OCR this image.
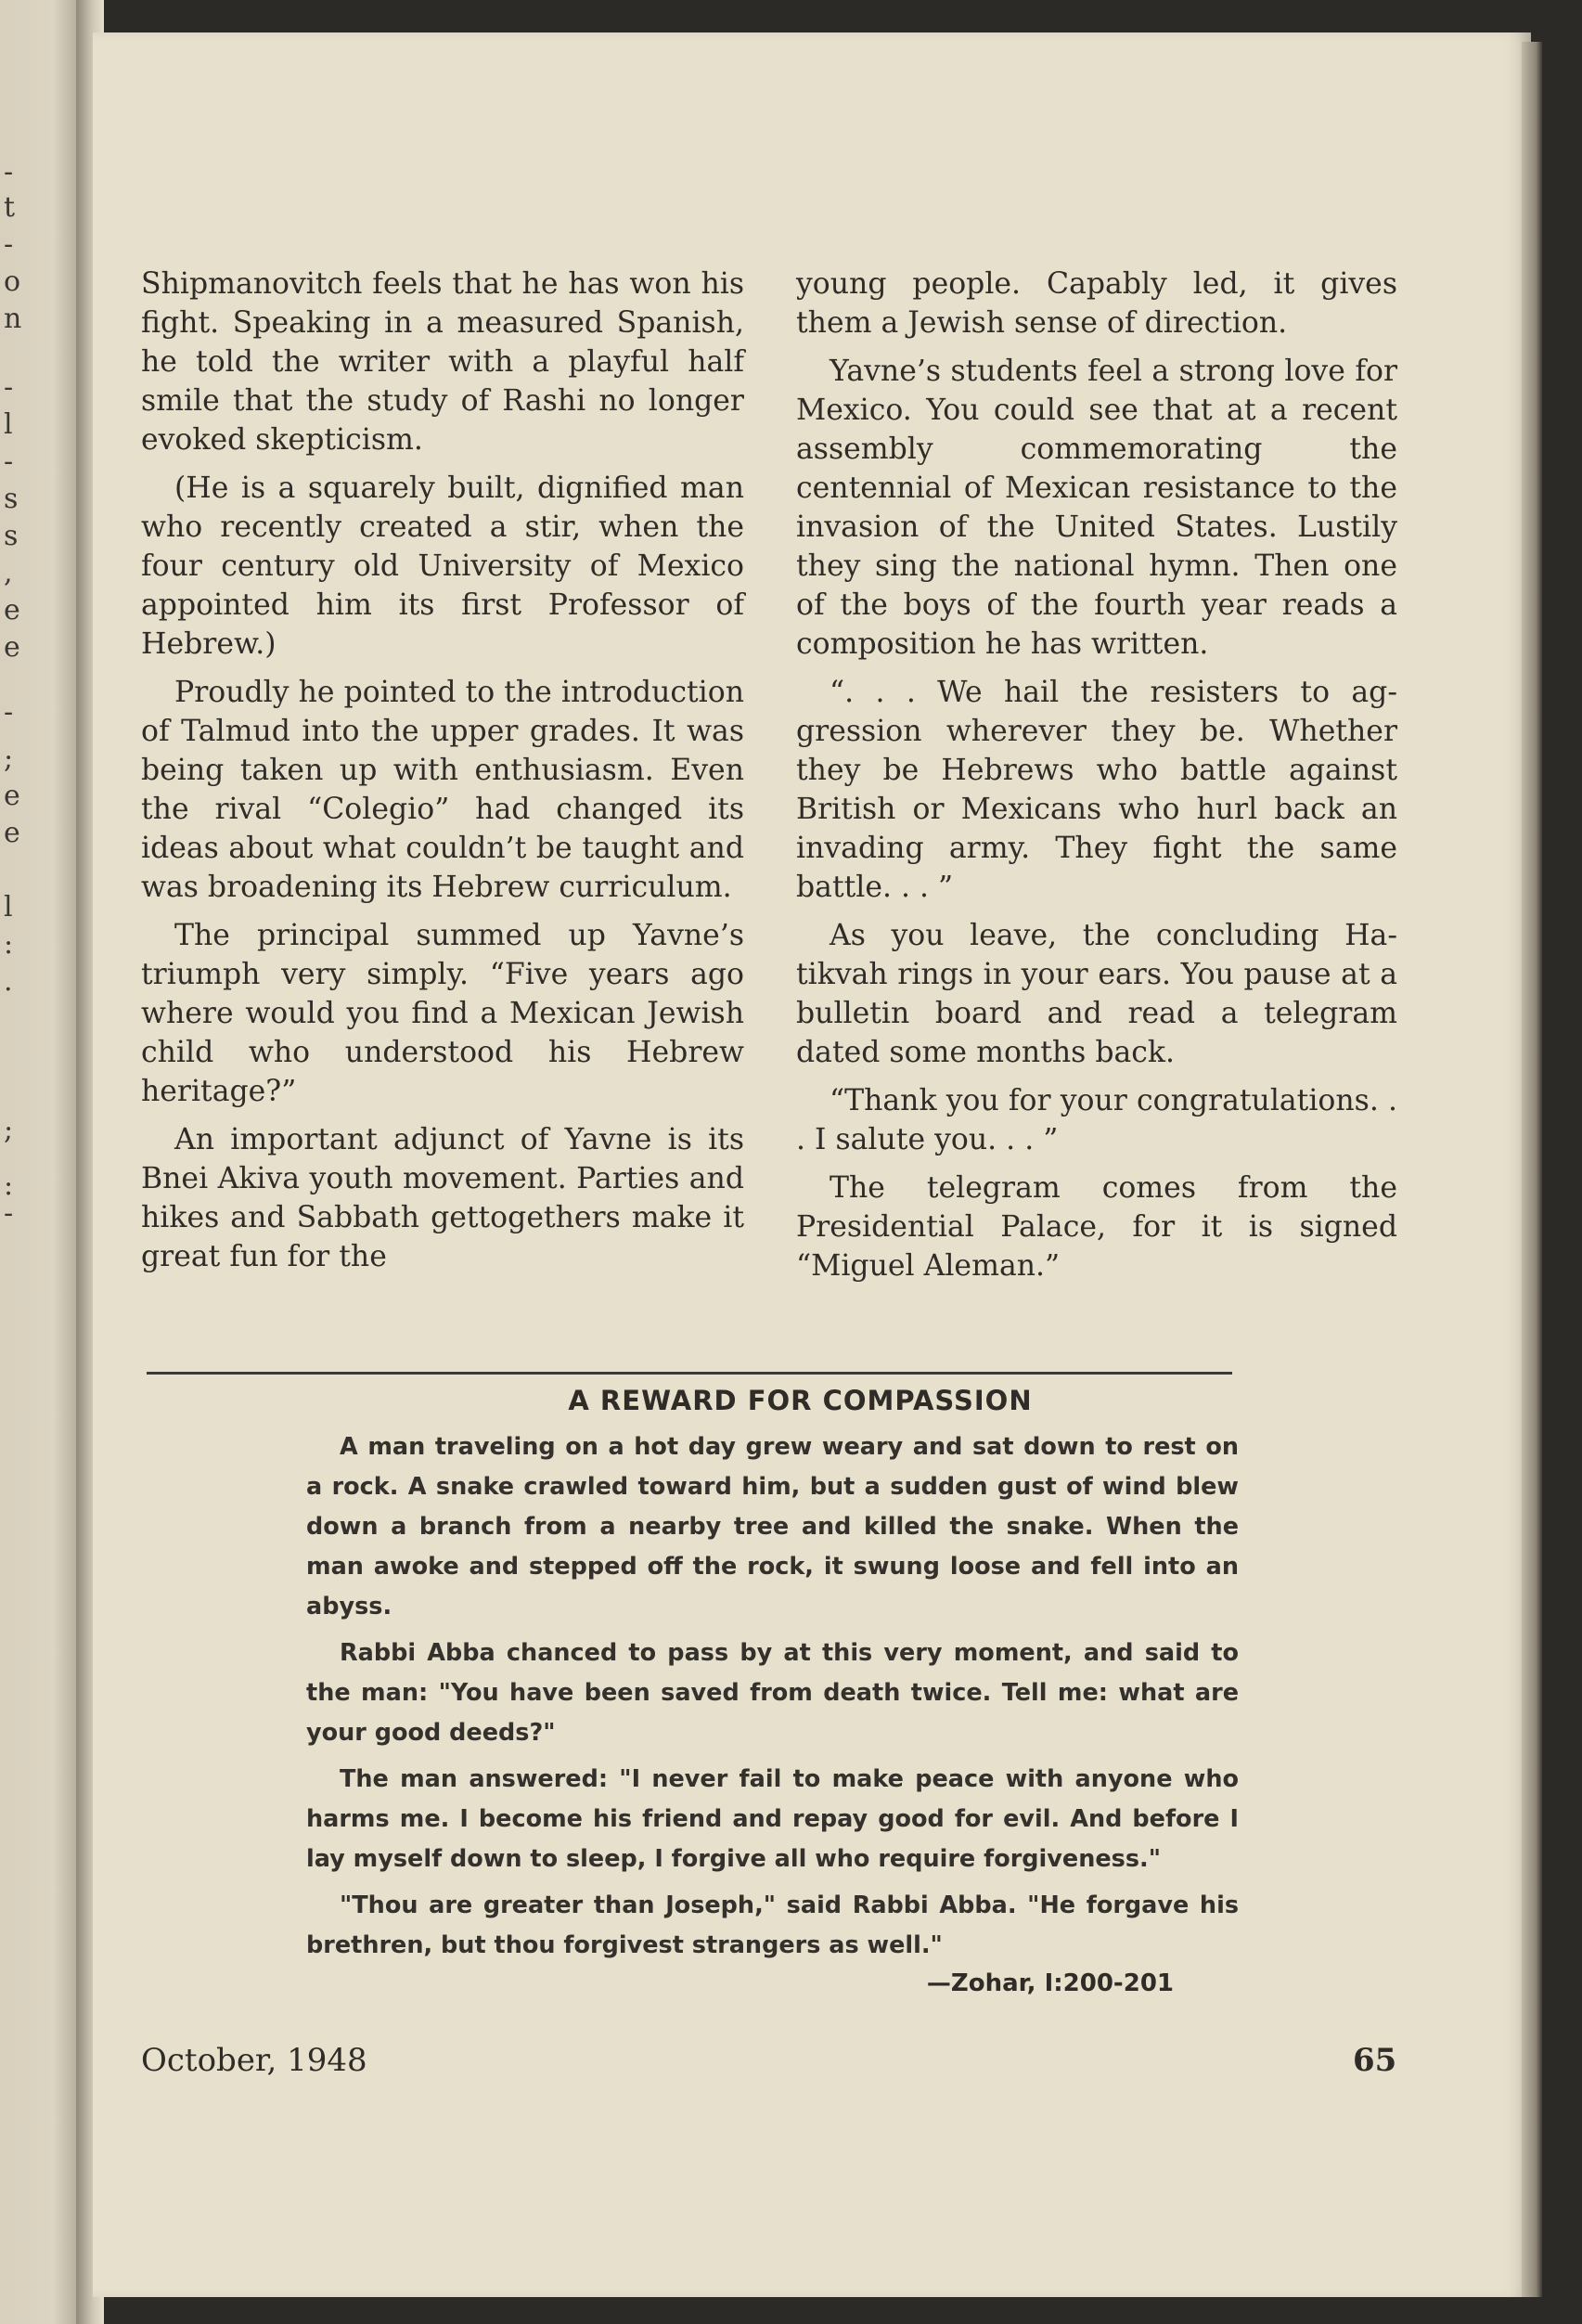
-
t
-
o
n
-
l
-
s
s
,
e
e
-
;
e
e
l
:
.
;
:
-

Shipmanovitch feels that he has won his fight. Speaking in a measured Spanish, he told the writer with a playful half smile that the study of Rashi no longer evoked skepticism.

(He is a squarely built, dignified man who recently created a stir, when the four century old University of Mexico appointed him its first Professor of Hebrew.)

Proudly he pointed to the introduction of Talmud into the upper grades. It was being taken up with enthusiasm. Even the rival “Colegio” had changed its ideas about what couldn’t be taught and was broadening its Hebrew curriculum.

The principal summed up Yavne’s triumph very simply. “Five years ago where would you find a Mexican Jewish child who understood his Hebrew heritage?”

An important adjunct of Yavne is its Bnei Akiva youth movement. Parties and hikes and Sabbath gettogethers make it great fun for the

young people. Capably led, it gives them a Jewish sense of direction.

Yavne’s students feel a strong love for Mexico. You could see that at a recent assembly commemorating the centennial of Mexican resistance to the invasion of the United States. Lustily they sing the national hymn. Then one of the boys of the fourth year reads a composition he has written.

“. . . We hail the resisters to aggression wherever they be. Whether they be Hebrews who battle against British or Mexicans who hurl back an invading army. They fight the same battle. . . ”

As you leave, the concluding Hatikvah rings in your ears. You pause at a bulletin board and read a telegram dated some months back.

“Thank you for your congratulations. . . I salute you. . . ”

The telegram comes from the Presidential Palace, for it is signed “Miguel Aleman.”

A REWARD FOR COMPASSION

A man traveling on a hot day grew weary and sat down to rest on a rock. A snake crawled toward him, but a sudden gust of wind blew down a branch from a nearby tree and killed the snake. When the man awoke and stepped off the rock, it swung loose and fell into an abyss.

Rabbi Abba chanced to pass by at this very moment, and said to the man: "You have been saved from death twice. Tell me: what are your good deeds?"

The man answered: "I never fail to make peace with anyone who harms me. I become his friend and repay good for evil. And before I lay myself down to sleep, I forgive all who require forgiveness."

"Thou are greater than Joseph," said Rabbi Abba. "He forgave his brethren, but thou forgivest strangers as well."

—Zohar, I:200-201
October, 1948	65
